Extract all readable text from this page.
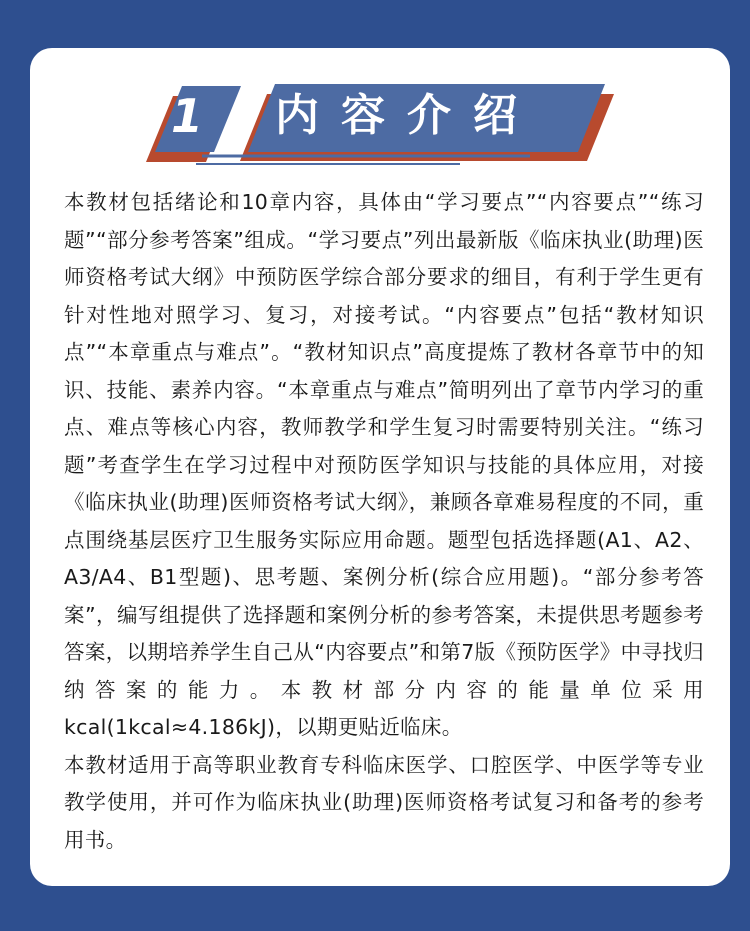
1	内容介绍

本教材包括绪论和10章内容，具体由“学习要点”“内容要点”“练习题”“部分参考答案”组成。“学习要点”列出最新版《临床执业(助理)医师资格考试大纲》中预防医学综合部分要求的细目，有利于学生更有针对性地对照学习、复习，对接考试。“内容要点”包括“教材知识点”“本章重点与难点”。“教材知识点”高度提炼了教材各章节中的知识、技能、素养内容。“本章重点与难点”简明列出了章节内学习的重点、难点等核心内容，教师教学和学生复习时需要特别关注。“练习题”考查学生在学习过程中对预防医学知识与技能的具体应用，对接《临床执业(助理)医师资格考试大纲》，兼顾各章难易程度的不同，重点围绕基层医疗卫生服务实际应用命题。题型包括选择题(A1、A2、A3/A4、B1型题)、思考题、案例分析(综合应用题)。“部分参考答案”，编写组提供了选择题和案例分析的参考答案，未提供思考题参考答案，以期培养学生自己从“内容要点”和第7版《预防医学》中寻找归纳答案的能力。本教材部分内容的能量单位采用kcal(1kcal≈4.186kJ)，以期更贴近临床。

本教材适用于高等职业教育专科临床医学、口腔医学、中医学等专业教学使用，并可作为临床执业(助理)医师资格考试复习和备考的参考用书。
